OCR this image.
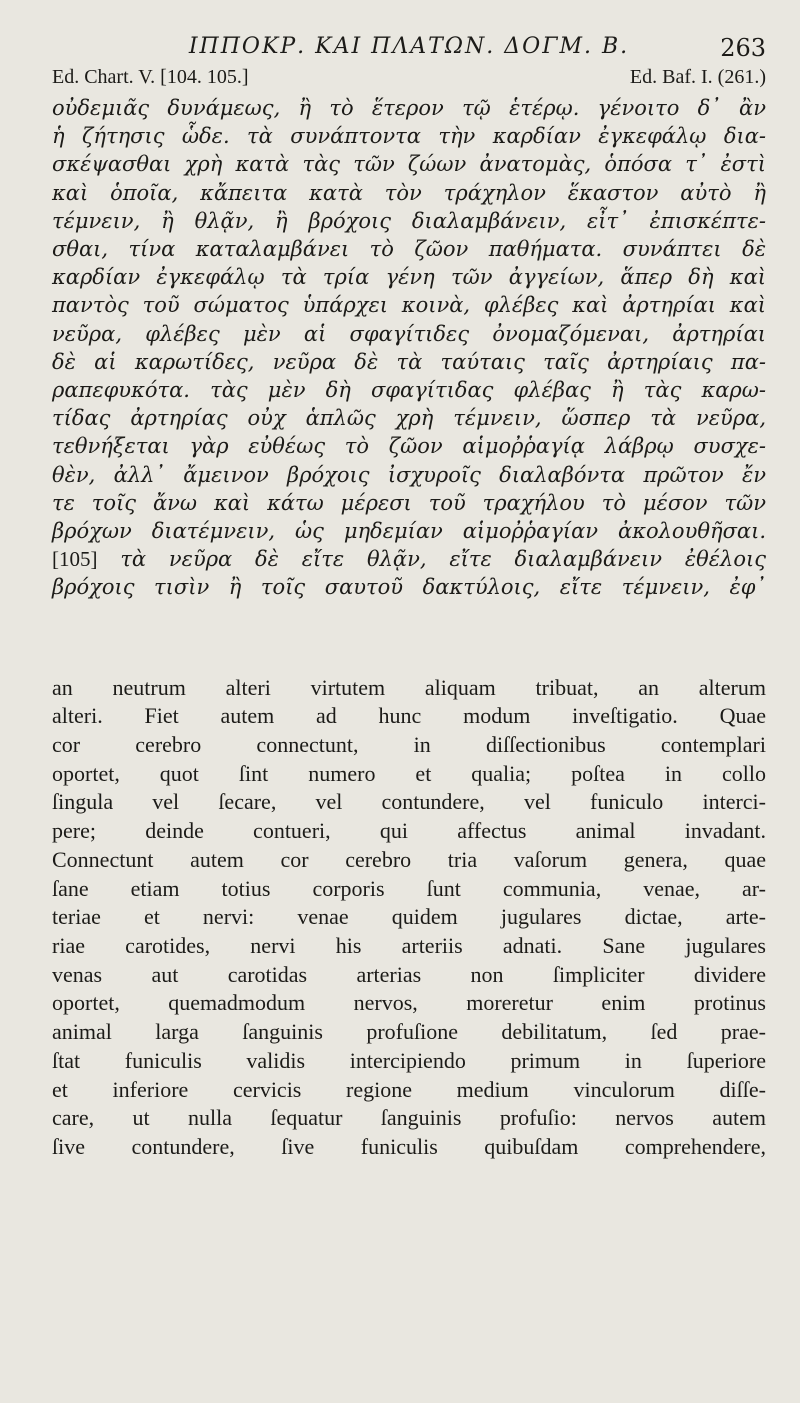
ΙΠΠΟΚΡ. ΚΑΙ ΠΛΑΤΩΝ. ΔΟΓΜ. Β.	263
Ed. Chart. V. [104. 105.]	Ed. Baf. I. (261.)
οὐδεμιᾶς δυνάμεως, ἢ τὸ ἕτερον τῷ ἑτέρῳ. γένοιτο δ᾽ ἂν
ἡ ζήτησις ὧδε. τὰ συνάπτοντα τὴν καρδίαν ἐγκεφάλῳ δια-
σκέψασθαι χρὴ κατὰ τὰς τῶν ζώων ἀνατομὰς, ὁπόσα τ᾽ ἐστὶ
καὶ ὁποῖα, κἄπειτα κατὰ τὸν τράχηλον ἕκαστον αὐτὸ ἢ
τέμνειν, ἢ θλᾷν, ἢ βρόχοις διαλαμβάνειν, εἶτ᾽ ἐπισκέπτε-
σθαι, τίνα καταλαμβάνει τὸ ζῶον παθήματα. συνάπτει δὲ
καρδίαν ἐγκεφάλῳ τὰ τρία γένη τῶν ἀγγείων, ἅπερ δὴ καὶ
παντὸς τοῦ σώματος ὑπάρχει κοινὰ, φλέβες καὶ ἀρτηρίαι καὶ
νεῦρα, φλέβες μὲν αἱ σφαγίτιδες ὀνομαζόμεναι, ἀρτηρίαι
δὲ αἱ καρωτίδες, νεῦρα δὲ τὰ ταύταις ταῖς ἀρτηρίαις πα-
ραπεφυκότα. τὰς μὲν δὴ σφαγίτιδας φλέβας ἢ τὰς καρω-
τίδας ἀρτηρίας οὐχ ἁπλῶς χρὴ τέμνειν, ὥσπερ τὰ νεῦρα,
τεθνήξεται γὰρ εὐθέως τὸ ζῶον αἱμοῤῥαγίᾳ λάβρῳ συσχε-
θὲν, ἀλλ᾽ ἄμεινον βρόχοις ἰσχυροῖς διαλαβόντα πρῶτον ἔν
τε τοῖς ἄνω καὶ κάτω μέρεσι τοῦ τραχήλου τὸ μέσον τῶν
βρόχων διατέμνειν, ὡς μηδεμίαν αἱμοῤῥαγίαν ἀκολουθῆσαι.
[105] τὰ νεῦρα δὲ εἴτε θλᾷν, εἴτε διαλαμβάνειν ἐθέλοις
βρόχοις τισὶν ἢ τοῖς σαυτοῦ δακτύλοις, εἴτε τέμνειν, ἐφ᾽
an neutrum alteri virtutem aliquam tribuat, an alterum
alteri. Fiet autem ad hunc modum inveſtigatio. Quae
cor cerebro connectunt, in diſſectionibus contemplari
oportet, quot ſint numero et qualia; poſtea in collo
ſingula vel ſecare, vel contundere, vel funiculo interci-
pere; deinde contueri, qui affectus animal invadant.
Connectunt autem cor cerebro tria vaſorum genera, quae
ſane etiam totius corporis ſunt communia, venae, ar-
teriae et nervi: venae quidem jugulares dictae, arte-
riae carotides, nervi his arteriis adnati. Sane jugulares
venas aut carotidas arterias non ſimpliciter dividere
oportet, quemadmodum nervos, moreretur enim protinus
animal larga ſanguinis profuſione debilitatum, ſed prae-
ſtat funiculis validis intercipiendo primum in ſuperiore
et inferiore cervicis regione medium vinculorum diſſe-
care, ut nulla ſequatur ſanguinis profuſio: nervos autem
ſive contundere, ſive funiculis quibuſdam comprehendere,
